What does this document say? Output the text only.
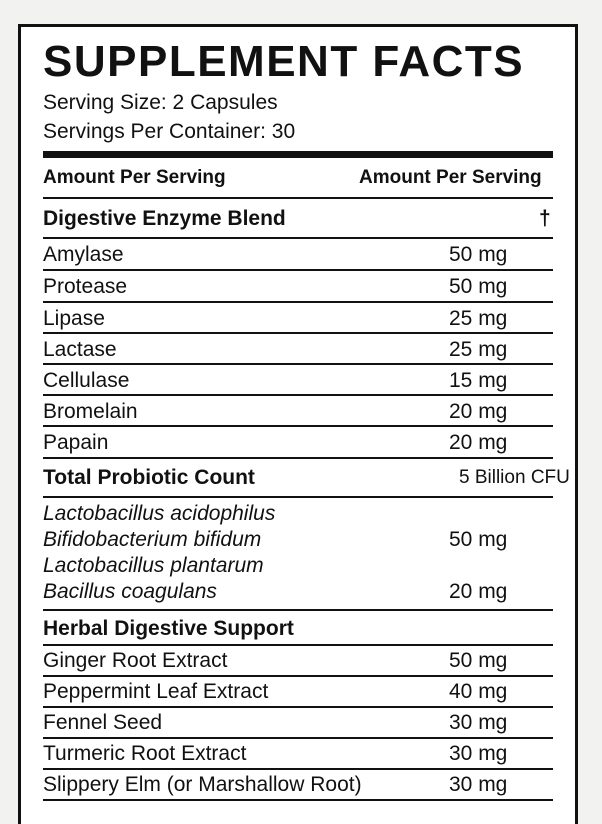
SUPPLEMENT FACTS
Serving Size: 2 Capsules
Servings Per Container: 30
Amount Per Serving	Amount Per Serving
Digestive Enzyme Blend	†
Amylase	50 mg
Protease	50 mg
Lipase	25 mg
Lactase	25 mg
Cellulase	15 mg
Bromelain	20 mg
Papain	20 mg
Total Probiotic Count	5 Billion CFU
Lactobacillus acidophilus
Bifidobacterium bifidum	50 mg
Lactobacillus plantarum
Bacillus coagulans	20 mg
Herbal Digestive Support
Ginger Root Extract	50 mg
Peppermint Leaf Extract	40 mg
Fennel Seed	30 mg
Turmeric Root Extract	30 mg
Slippery Elm (or Marshallow Root)	30 mg
